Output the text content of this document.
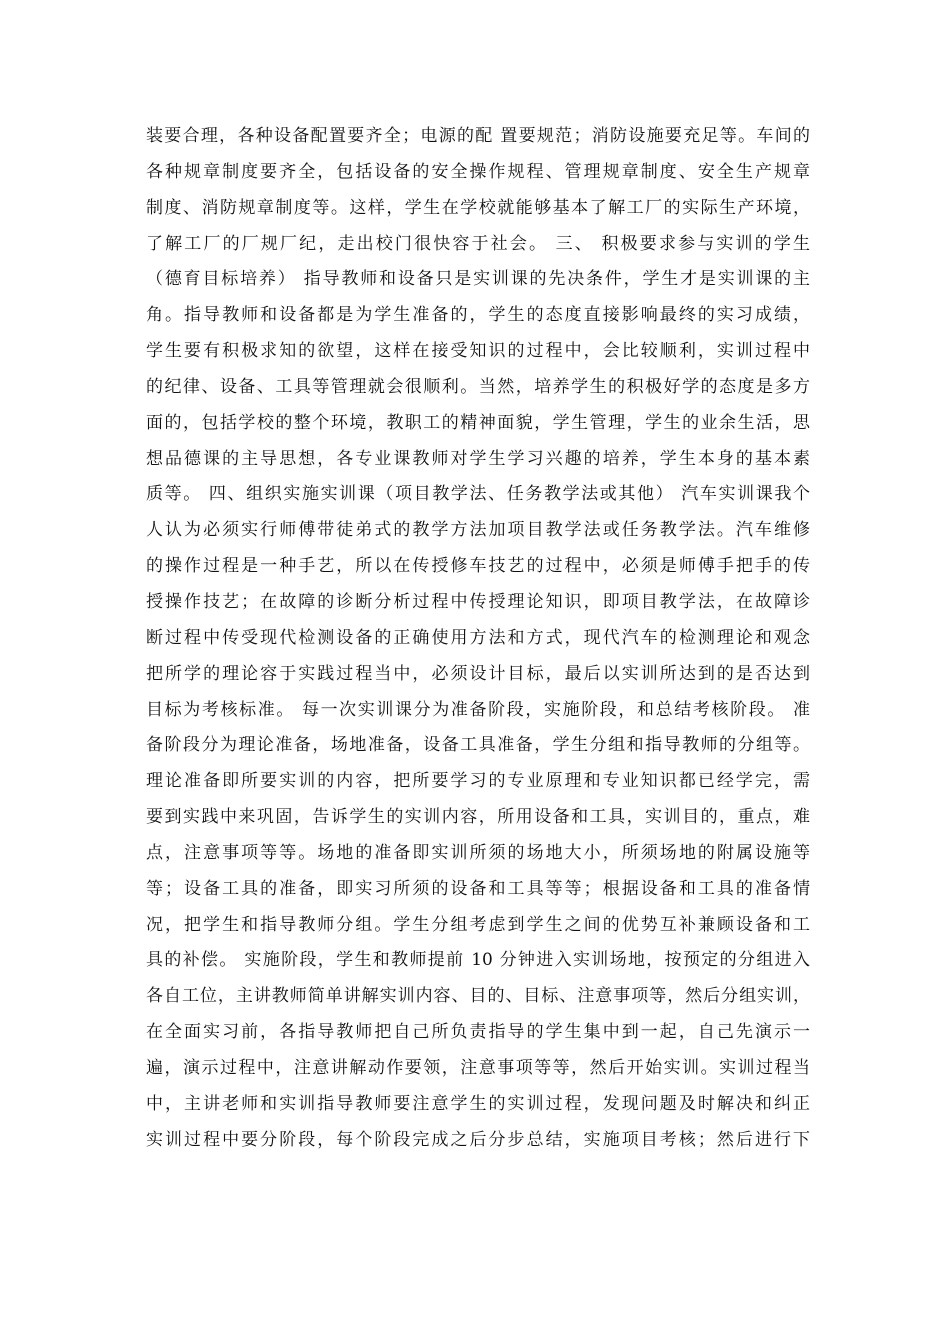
装要合理，各种设备配置要齐全；电源的配 置要规范；消防设施要充足等。车间的
各种规章制度要齐全，包括设备的安全操作规程、管理规章制度、安全生产规章
制度、消防规章制度等。这样，学生在学校就能够基本了解工厂的实际生产环境，
了解工厂的厂规厂纪，走出校门很快容于社会。 三、 积极要求参与实训的学生
（德育目标培养） 指导教师和设备只是实训课的先决条件，学生才是实训课的主
角。指导教师和设备都是为学生准备的，学生的态度直接影响最终的实习成绩，
学生要有积极求知的欲望，这样在接受知识的过程中，会比较顺利，实训过程中
的纪律、设备、工具等管理就会很顺利。当然，培养学生的积极好学的态度是多方
面的，包括学校的整个环境，教职工的精神面貌，学生管理，学生的业余生活，思
想品德课的主导思想，各专业课教师对学生学习兴趣的培养，学生本身的基本素
质等。 四、组织实施实训课（项目教学法、任务教学法或其他） 汽车实训课我个
人认为必须实行师傅带徒弟式的教学方法加项目教学法或任务教学法。汽车维修
的操作过程是一种手艺，所以在传授修车技艺的过程中，必须是师傅手把手的传
授操作技艺；在故障的诊断分析过程中传授理论知识，即项目教学法，在故障诊
断过程中传受现代检测设备的正确使用方法和方式，现代汽车的检测理论和观念
把所学的理论容于实践过程当中，必须设计目标，最后以实训所达到的是否达到
目标为考核标准。 每一次实训课分为准备阶段，实施阶段，和总结考核阶段。 准
备阶段分为理论准备，场地准备，设备工具准备，学生分组和指导教师的分组等。
理论准备即所要实训的内容，把所要学习的专业原理和专业知识都已经学完，需
要到实践中来巩固，告诉学生的实训内容，所用设备和工具，实训目的，重点，难
点，注意事项等等。场地的准备即实训所须的场地大小，所须场地的附属设施等
等；设备工具的准备，即实习所须的设备和工具等等；根据设备和工具的准备情
况，把学生和指导教师分组。学生分组考虑到学生之间的优势互补兼顾设备和工
具的补偿。 实施阶段，学生和教师提前 10 分钟进入实训场地，按预定的分组进入
各自工位，主讲教师简单讲解实训内容、目的、目标、注意事项等，然后分组实训，
在全面实习前，各指导教师把自己所负责指导的学生集中到一起，自己先演示一
遍，演示过程中，注意讲解动作要领，注意事项等等，然后开始实训。实训过程当
中，主讲老师和实训指导教师要注意学生的实训过程，发现问题及时解决和纠正
实训过程中要分阶段，每个阶段完成之后分步总结，实施项目考核；然后进行下
